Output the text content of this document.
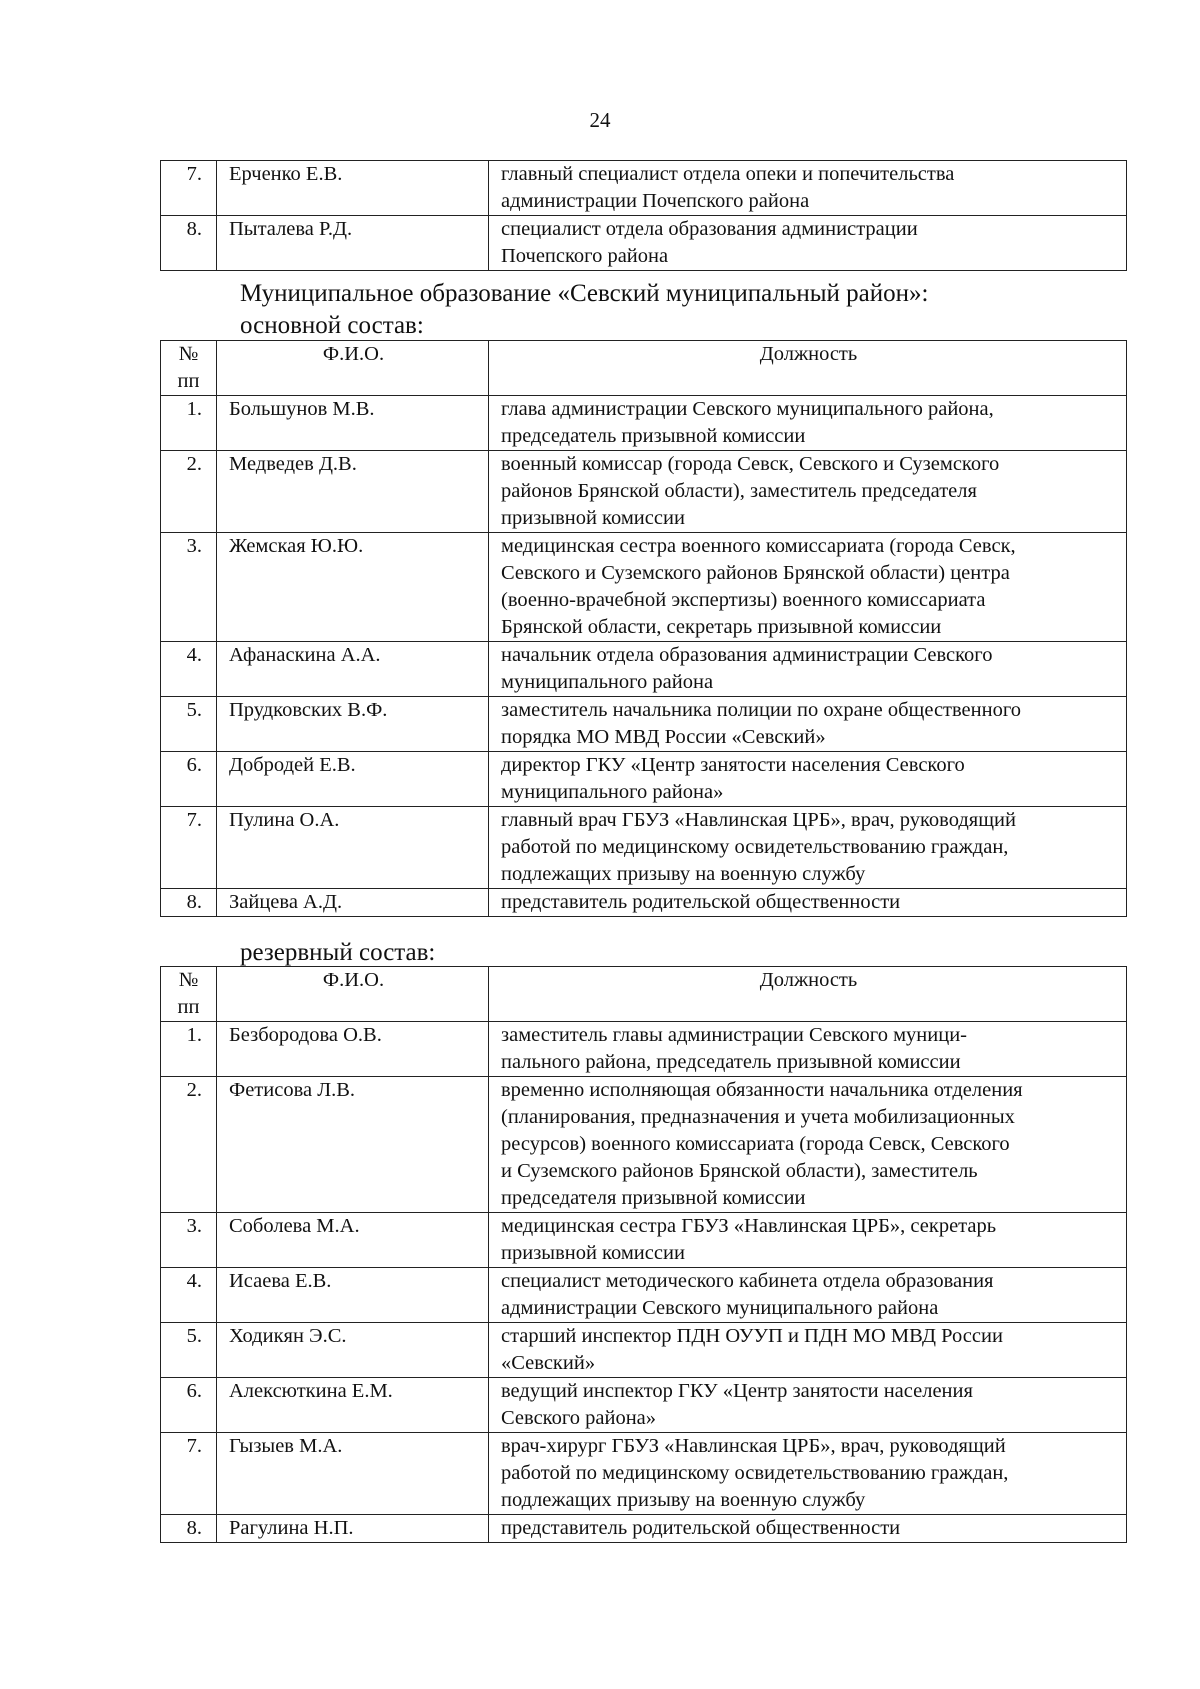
24
7.	Ерченко Е.В.	главный специалист отдела опеки и попечительства
администрации Почепского района

8.	Пыталева Р.Д.	специалист отдела образования администрации
Почепского района
Муниципальное образование «Севский муниципальный район»:
основной состав:
№
пп	Ф.И.О.	Должность
1.	Большунов М.В.	глава администрации Севского муниципального района,
председатель призывной комиссии

2.	Медведев Д.В.	военный комиссар (города Севск, Севского и Суземского
районов Брянской области), заместитель председателя
призывной комиссии

3.	Жемская Ю.Ю.	медицинская сестра военного комиссариата (города Севск,
Севского и Суземского районов Брянской области) центра
(военно-врачебной экспертизы) военного комиссариата
Брянской области, секретарь призывной комиссии

4.	Афанаскина А.А.	начальник отдела образования администрации Севского
муниципального района

5.	Прудковских В.Ф.	заместитель начальника полиции по охране общественного
порядка МО МВД России «Севский»

6.	Добродей Е.В.	директор ГКУ «Центр занятости населения Севского
муниципального района»

7.	Пулина О.А.	главный врач ГБУЗ «Навлинская ЦРБ», врач, руководящий
работой по медицинскому освидетельствованию граждан,
подлежащих призыву на военную службу

8.	Зайцева А.Д.	представитель родительской общественности
резервный состав:
№
пп	Ф.И.О.	Должность
1.	Безбородова О.В.	заместитель главы администрации Севского муници-
пального района, председатель призывной комиссии

2.	Фетисова Л.В.	временно исполняющая обязанности начальника отделения
(планирования, предназначения и учета мобилизационных
ресурсов) военного комиссариата (города Севск, Севского
и Суземского районов Брянской области), заместитель
председателя призывной комиссии

3.	Соболева М.А.	медицинская сестра ГБУЗ «Навлинская ЦРБ», секретарь
призывной комиссии

4.	Исаева Е.В.	специалист методического кабинета отдела образования
администрации Севского муниципального района

5.	Ходикян Э.С.	старший инспектор ПДН ОУУП и ПДН МО МВД России
«Севский»

6.	Алексюткина Е.М.	ведущий инспектор ГКУ «Центр занятости населения
Севского района»

7.	Гызыев М.А.	врач-хирург ГБУЗ «Навлинская ЦРБ», врач, руководящий
работой по медицинскому освидетельствованию граждан,
подлежащих призыву на военную службу

8.	Рагулина Н.П.	представитель родительской общественности
